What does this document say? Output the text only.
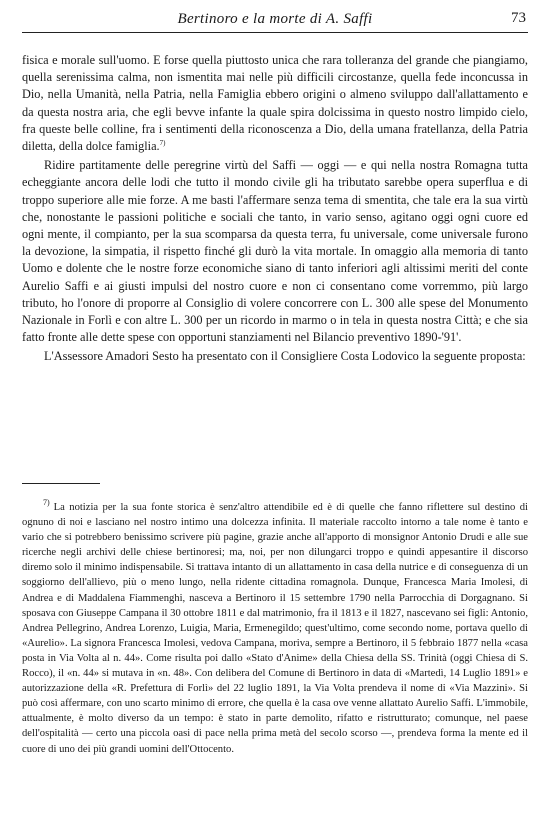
Bertinoro e la morte di A. Saffi	73

fisica e morale sull'uomo. E forse quella piuttosto unica che rara tolleranza del grande che piangiamo, quella serenissima calma, non ismentita mai nelle più difficili circostanze, quella fede inconcussa in Dio, nella Umanità, nella Patria, nella Famiglia ebbero origini o almeno sviluppo dall'allattamento e da questa nostra aria, che egli bevve infante la quale spira dolcissima in questo nostro limpido cielo, fra queste belle colline, fra i sentimenti della riconoscenza a Dio, della umana fratellanza, della Patria diletta, della dolce famiglia.$^{7)}$

Ridire partitamente delle peregrine virtù del Saffi — oggi — e qui nella nostra Romagna tutta echeggiante ancora delle lodi che tutto il mondo civile gli ha tributato sarebbe opera superflua e di troppo superiore alle mie forze. A me basti l'affermare senza tema di smentita, che tale era la sua virtù che, nonostante le passioni politiche e sociali che tanto, in vario senso, agitano oggi ogni cuore ed ogni mente, il compianto, per la sua scomparsa da questa terra, fu universale, come universale furono la devozione, la simpatia, il rispetto finché gli durò la vita mortale. In omaggio alla memoria di tanto Uomo e dolente che le nostre forze economiche siano di tanto inferiori agli altissimi meriti del conte Aurelio Saffi e ai giusti impulsi del nostro cuore e non ci consentano come vorremmo, più largo tributo, ho l'onore di proporre al Consiglio di volere concorrere con L. 300 alle spese del Monumento Nazionale in Forlì e con altre L. 300 per un ricordo in marmo o in tela in questa nostra Città; e che sia fatto fronte alle dette spese con opportuni stanziamenti nel Bilancio preventivo 1890-'91'.

L'Assessore Amadori Sesto ha presentato con il Consigliere Costa Lodovico la seguente proposta:

$^{7)}$ La notizia per la sua fonte storica è senz'altro attendibile ed è di quelle che fanno riflettere sul destino di ognuno di noi e lasciano nel nostro intimo una dolcezza infinita. Il materiale raccolto intorno a tale nome è tanto e vario che si potrebbero benissimo scrivere più pagine, grazie anche all'apporto di monsignor Antonio Drudi e alle sue ricerche negli archivi delle chiese bertinoresi; ma, noi, per non dilungarci troppo e quindi appesantire il discorso diremo solo il minimo indispensabile. Si trattava intanto di un allattamento in casa della nutrice e di conseguenza di un soggiorno dell'allievo, più o meno lungo, nella ridente cittadina romagnola. Dunque, Francesca Maria Imolesi, di Andrea e di Maddalena Fiammenghi, nasceva a Bertinoro il 15 settembre 1790 nella Parrocchia di Dorgagnano. Si sposava con Giuseppe Campana il 30 ottobre 1811 e dal matrimonio, fra il 1813 e il 1827, nascevano sei figli: Antonio, Andrea Pellegrino, Andrea Lorenzo, Luigia, Maria, Ermenegildo; quest'ultimo, come secondo nome, portava quello di «Aurelio». La signora Francesca Imolesi, vedova Campana, moriva, sempre a Bertinoro, il 5 febbraio 1877 nella «casa posta in Via Volta al n. 44». Come risulta poi dallo «Stato d'Anime» della Chiesa della SS. Trinità (oggi Chiesa di S. Rocco), il «n. 44» si mutava in «n. 48». Con delibera del Comune di Bertinoro in data di «Martedì, 14 Luglio 1891» e autorizzazione della «R. Prefettura di Forlì» del 22 luglio 1891, la Via Volta prendeva il nome di «Via Mazzini». Si può così affermare, con uno scarto minimo di errore, che quella è la casa ove venne allattato Aurelio Saffi. L'immobile, attualmente, è molto diverso da un tempo: è stato in parte demolito, rifatto e ristrutturato; comunque, nel paese dell'ospitalità — certo una piccola oasi di pace nella prima metà del secolo scorso —, prendeva forma la mente ed il cuore di uno dei più grandi uomini dell'Ottocento.
